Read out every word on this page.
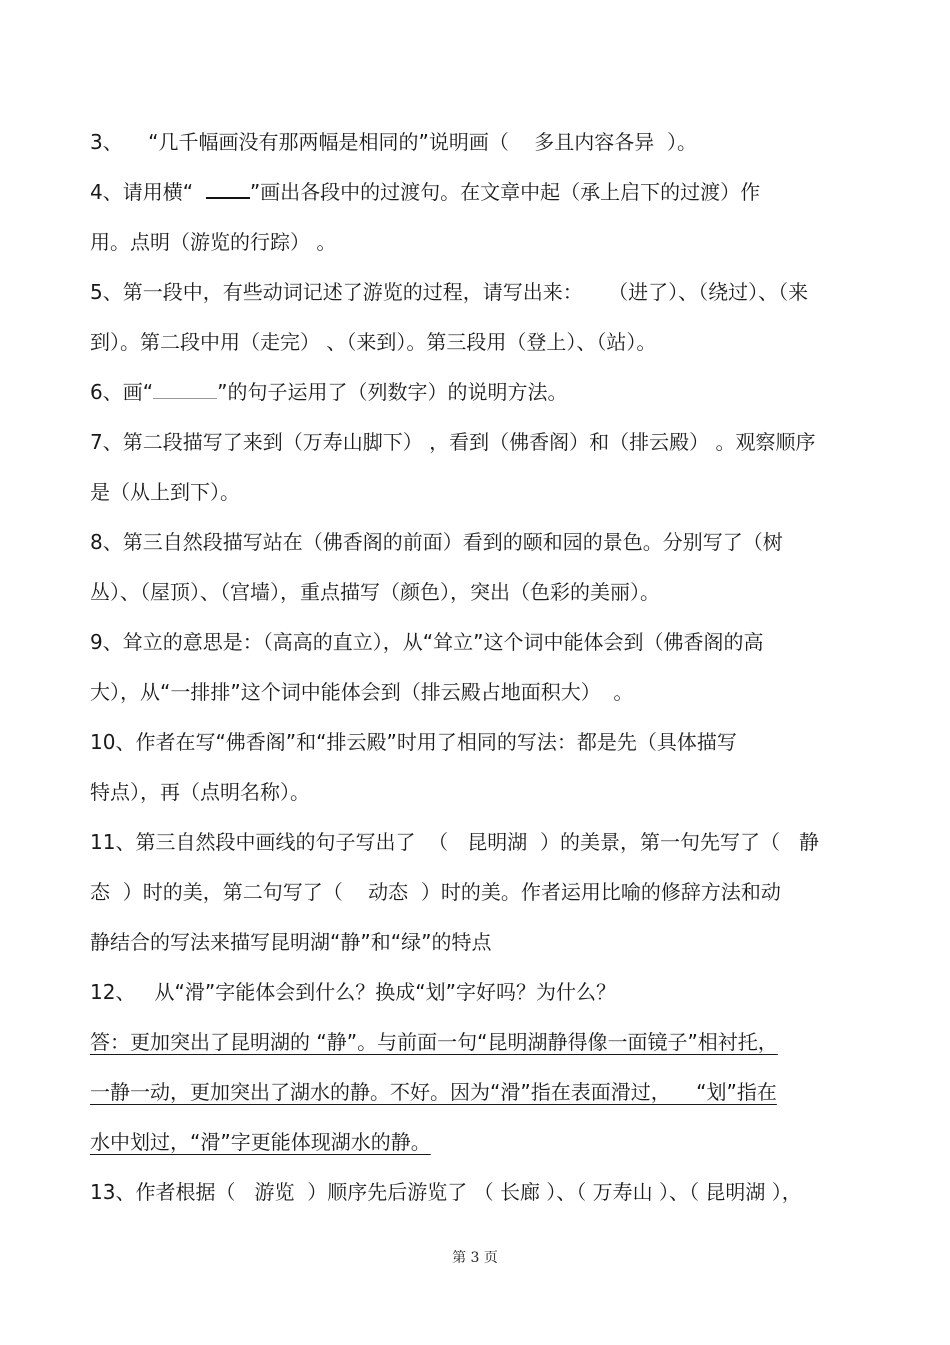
3、    “几千幅画没有那两幅是相同的”说明画（    多且内容各异  ）。
4、请用横“  ”画出各段中的过渡句。在文章中起（承上启下的过渡）作
用。点明（游览的行踪） 。
5、第一段中，有些动词记述了游览的过程，请写出来：    （进了）、（绕过）、（来
到）。第二段中用（走完） 、（来到）。第三段用（登上）、（站）。
6、画“	”的句子运用了（列数字）的说明方法。
7、第二段描写了来到（万寿山脚下） ，看到（佛香阁）和（排云殿） 。观察顺序
是（从上到下）。
8、第三自然段描写站在（佛香阁的前面）看到的颐和园的景色。分别写了（树
丛）、（屋顶）、（宫墙），重点描写（颜色），突出（色彩的美丽）。
9、耸立的意思是：（高高的直立），从“耸立”这个词中能体会到（佛香阁的高
大），从“一排排”这个词中能体会到（排云殿占地面积大）  。
10、作者在写“佛香阁”和“排云殿”时用了相同的写法：都是先（具体描写
特点），再（点明名称）。
11、第三自然段中画线的句子写出了  （   昆明湖  ）的美景，第一句先写了（   静
态  ）时的美，第二句写了（    动态  ）时的美。作者运用比喻的修辞方法和动
静结合的写法来描写昆明湖“静”和“绿”的特点
12、   从“滑”字能体会到什么？换成“划”字好吗？为什么？
答：更加突出了昆明湖的 “静”。与前面一句“昆明湖静得像一面镜子”相衬托，
一静一动，更加突出了湖水的静。不好。因为“滑”指在表面滑过，    “划”指在
水中划过，“滑”字更能体现湖水的静。
13、作者根据（   游览  ）顺序先后游览了 （ 长廊 ）、（ 万寿山 ）、（ 昆明湖 ），
第 3 页
